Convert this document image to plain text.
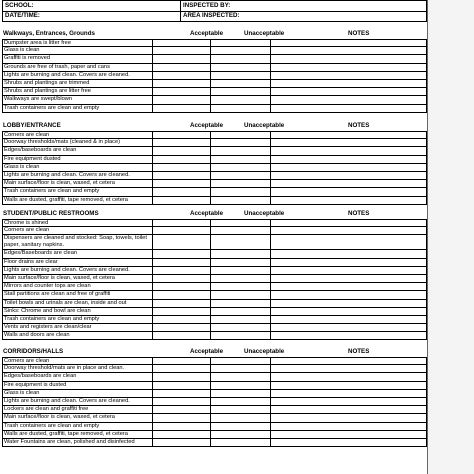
SCHOOL:	INSPECTED BY:
DATE/TIME:	AREA INSPECTED:
Walkways, Entrances, Grounds	Acceptable	Unacceptable	NOTES
Dumpster area is litter free
Glass is clean
Graffiti is removed
Grounds are free of trash, paper and cans
Lights are burning and clean. Covers are cleaned.
Shrubs and plantings are trimmed
Shrubs and plantings are litter free
Walkways are swept/blown
Trash containers are clean and empty
LOBBY/ENTRANCE	Acceptable	Unacceptable	NOTES
Corners are clean
Doorway thresholds/mats (cleaned & in place)
Edges/baseboards are clean
Fire equipment dusted
Glass is clean
Lights are burning and clean. Covers are cleaned.
Main surface/floor is clean, waxed, et cetera
Trash containers are clean and empty
Walls are dusted, graffiti, tape removed, et cetera
STUDENT/PUBLIC RESTROOMS	Acceptable	Unacceptable	NOTES
Chrome is shined
Corners are clean
Dispensers are cleaned and stocked: Soap, towels, toilet paper, sanitary napkins.
Edges/Baseboards are clean
Floor drains are clear
Lights are burning and clean. Covers are cleaned.
Main surface/floor is clean, waxed, et cetera
Mirrors and counter tops are clean
Stall partitions are clean and free of graffiti
Toilet bowls and urinals are clean, inside and out
Sinks: Chrome and bowl are clean
Trash containers are clean and empty
Vents and registers are clean/clear
Walls and doors are clean
CORRIDORS/HALLS	Acceptable	Unacceptable	NOTES
Corners are clean
Doorway threshold/mats are in place and clean.
Edges/baseboards are clean
Fire equipment is dusted
Glass is clean
Lights are burning and clean. Covers are cleaned.
Lockers are clean and graffiti free
Main surface/floor is clean, waxed, et cetera
Trash containers are clean and empty
Walls are dusted, graffiti, tape removed, et cetera
Water Fountains are clean, polished and disinfected
